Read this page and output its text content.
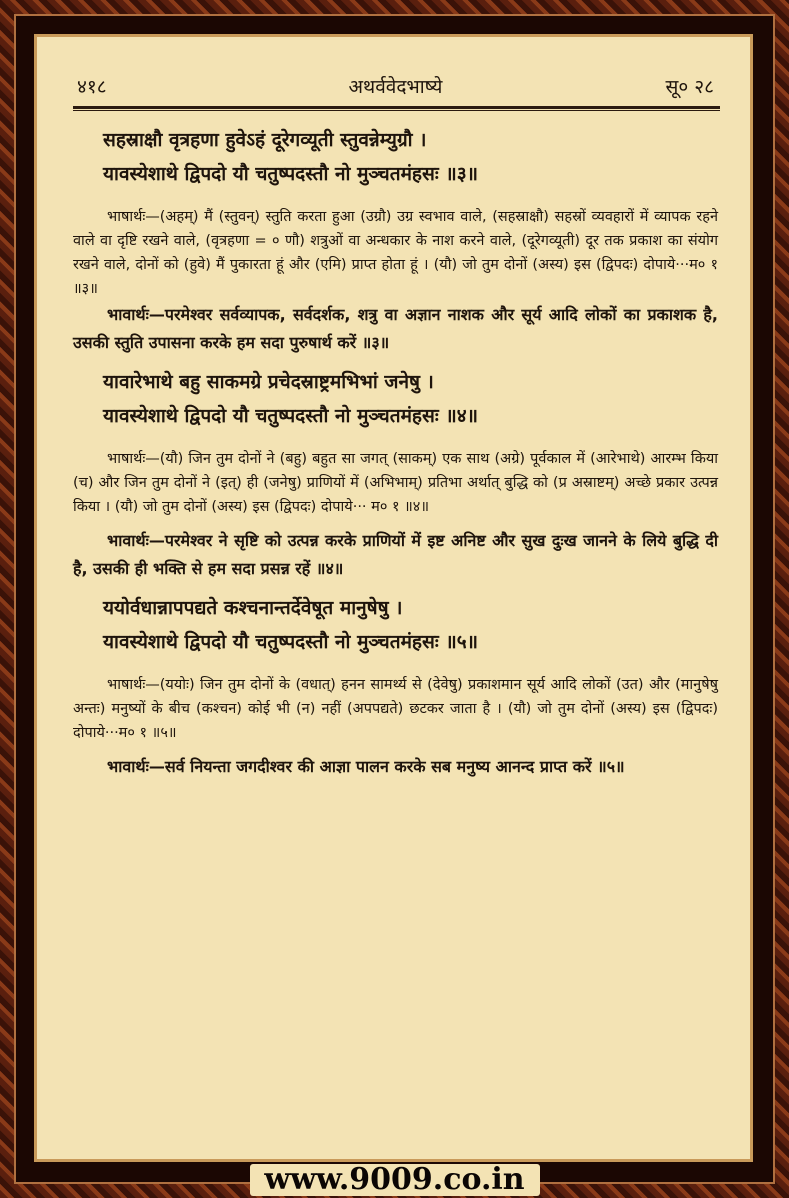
४१८	अथर्ववेदभाष्ये	सू० २८
सहस्राक्षौ वृत्रहणा हुवेऽहं दूरेगव्यूती स्तुवन्नेम्युग्रौ ।
यावस्येशाथे द्विपदो यौ चतुष्पदस्तौ नो मुञ्चतमंहसः ॥३॥

भाषार्थः—(अहम्) मैं (स्तुवन्) स्तुति करता हुआ (उग्रौ) उग्र स्वभाव वाले, (सहस्राक्षौ) सहस्रों व्यवहारों में व्यापक रहने वाले वा दृष्टि रखने वाले, (वृत्रहणा = ० णौ) शत्रुओं वा अन्धकार के नाश करने वाले, (दूरेगव्यूती) दूर तक प्रकाश का संयोग रखने वाले, दोनों को (हुवे) मैं पुकारता हूं और (एमि) प्राप्त होता हूं । (यौ) जो तुम दोनों (अस्य) इस (द्विपदः) दोपाये···म० १ ॥३॥

भावार्थः—परमेश्वर सर्वव्यापक, सर्वदर्शक, शत्रु वा अज्ञान नाशक और सूर्य आदि लोकों का प्रकाशक है, उसकी स्तुति उपासना करके हम सदा पुरुषार्थ करें ॥३॥

यावारेभाथे बहु साकमग्रे प्रचेदस्राष्ट्रमभिभां जनेषु ।
यावस्येशाथे द्विपदो यौ चतुष्पदस्तौ नो मुञ्चतमंहसः ॥४॥

भाषार्थः—(यौ) जिन तुम दोनों ने (बहु) बहुत सा जगत् (साकम्) एक साथ (अग्रे) पूर्वकाल में (आरेभाथे) आरम्भ किया (च) और जिन तुम दोनों ने (इत्) ही (जनेषु) प्राणियों में (अभिभाम्) प्रतिभा अर्थात् बुद्धि को (प्र अस्राष्टम्) अच्छे प्रकार उत्पन्न किया । (यौ) जो तुम दोनों (अस्य) इस (द्विपदः) दोपाये··· म० १ ॥४॥

भावार्थः—परमेश्वर ने सृष्टि को उत्पन्न करके प्राणियों में इष्ट अनिष्ट और सुख दुःख जानने के लिये बुद्धि दी है, उसकी ही भक्ति से हम सदा प्रसन्न रहें ॥४॥

ययोर्वधान्नापपद्यते कश्चनान्तर्देवेषूत मानुषेषु ।
यावस्येशाथे द्विपदो यौ चतुष्पदस्तौ नो मुञ्चतमंहसः ॥५॥

भाषार्थः—(ययोः) जिन तुम दोनों के (वधात्) हनन सामर्थ्य से (देवेषु) प्रकाशमान सूर्य आदि लोकों (उत) और (मानुषेषु अन्तः) मनुष्यों के बीच (कश्चन) कोई भी (न) नहीं (अपपद्यते) छटकर जाता है । (यौ) जो तुम दोनों (अस्य) इस (द्विपदः) दोपाये···म० १ ॥५॥

भावार्थः—सर्व नियन्ता जगदीश्वर की आज्ञा पालन करके सब मनुष्य आनन्द प्राप्त करें ॥५॥

www.9009.co.in
